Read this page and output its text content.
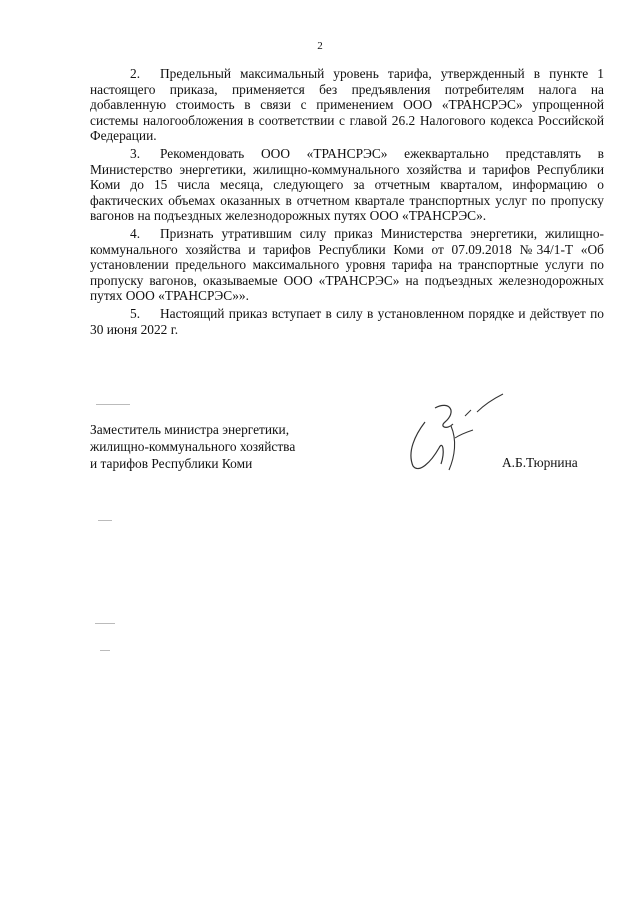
2

2. Предельный максимальный уровень тарифа, утвержденный в пункте 1 настоящего приказа, применяется без предъявления потребителям налога на добавленную стоимость в связи с применением ООО «ТРАНСРЭС» упрощенной системы налогообложения в соответствии с главой 26.2 Налогового кодекса Российской Федерации.

3. Рекомендовать ООО «ТРАНСРЭС» ежеквартально представлять в Министерство энергетики, жилищно-коммунального хозяйства и тарифов Республики Коми до 15 числа месяца, следующего за отчетным кварталом, информацию о фактических объемах оказанных в отчетном квартале транспортных услуг по пропуску вагонов на подъездных железнодорожных путях ООО «ТРАНСРЭС».

4. Признать утратившим силу приказ Министерства энергетики, жилищно-коммунального хозяйства и тарифов Республики Коми от 07.09.2018 №34/1-Т «Об установлении предельного максимального уровня тарифа на транспортные услуги по пропуску вагонов, оказываемые ООО «ТРАНСРЭС» на подъездных железнодорожных путях ООО «ТРАНСРЭС»».

5. Настоящий приказ вступает в силу в установленном порядке и действует по 30 июня 2022 г.

Заместитель министра энергетики,
жилищно-коммунального хозяйства
и тарифов Республики Коми	А.Б.Тюрнина
